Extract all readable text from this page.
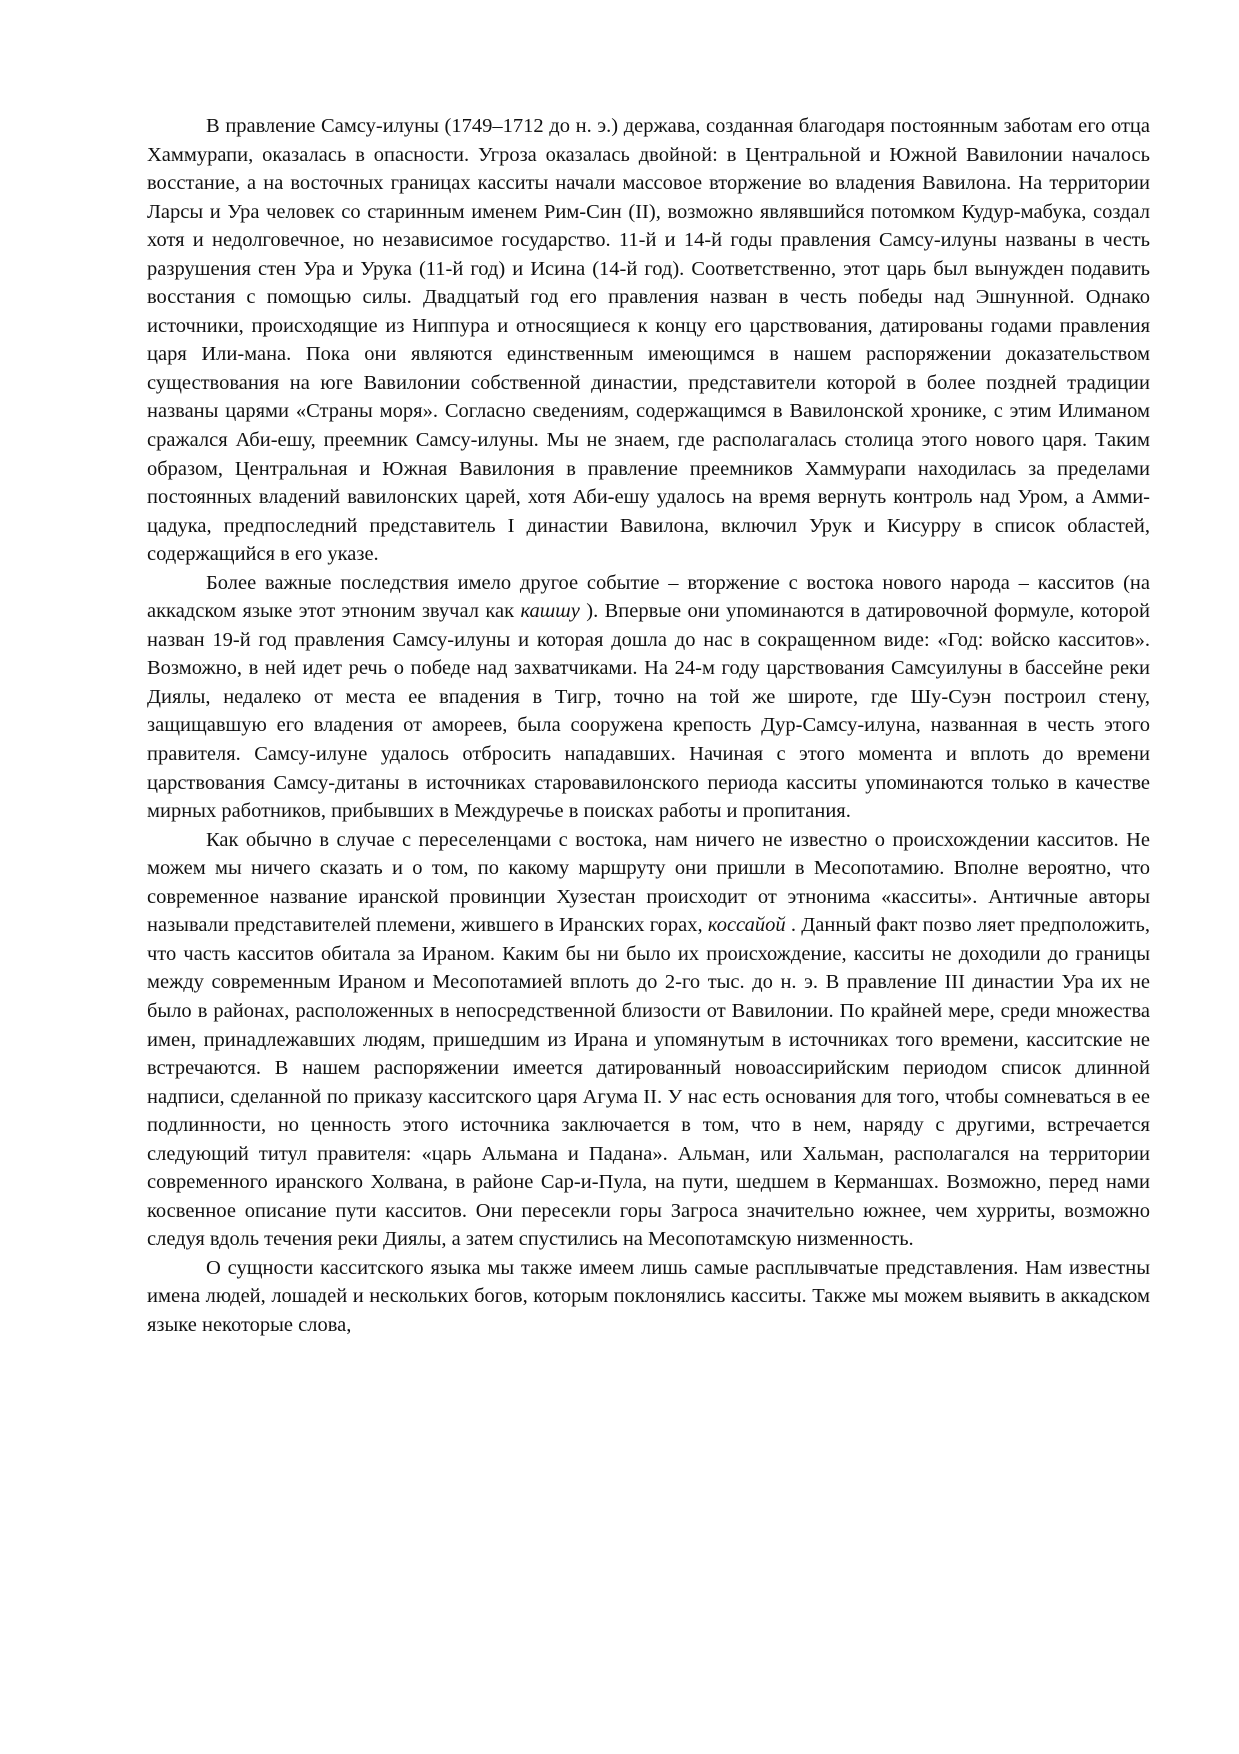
В правление Самсу-илуны (1749–1712 до н. э.) держава, созданная благодаря постоянным заботам его отца Хаммурапи, оказалась в опасности. Угроза оказалась двойной: в Центральной и Южной Вавилонии началось восстание, а на восточных границах касситы начали массовое вторжение во владения Вавилона. На территории Ларсы и Ура человек со старинным именем Рим-Син (II), возможно являвшийся потомком Кудур-мабука, создал хотя и недолговечное, но независимое государство. 11-й и 14-й годы правления Самсу-илуны названы в честь разрушения стен Ура и Урука (11-й год) и Исина (14-й год). Соответственно, этот царь был вынужден подавить восстания с помощью силы. Двадцатый год его правления назван в честь победы над Эшнунной. Однако источники, происходящие из Ниппура и относящиеся к концу его царствования, датированы годами правления царя Или-мана. Пока они являются единственным имеющимся в нашем распоряжении доказательством существования на юге Вавилонии собственной династии, представители которой в более поздней традиции названы царями «Страны моря». Согласно сведениям, содержащимся в Вавилонской хронике, с этим Илиманом сражался Аби-ешу, преемник Самсу-илуны. Мы не знаем, где располагалась столица этого нового царя. Таким образом, Центральная и Южная Вавилония в правление преемников Хаммурапи находилась за пределами постоянных владений вавилонских царей, хотя Аби-ешу удалось на время вернуть контроль над Уром, а Амми-цадука, предпоследний представитель I династии Вавилона, включил Урук и Кисурру в список областей, содержащийся в его указе.

Более важные последствия имело другое событие – вторжение с востока нового народа – касситов (на аккадском языке этот этноним звучал как кашшу ). Впервые они упоминаются в датировочной формуле, которой назван 19-й год правления Самсу-илуны и которая дошла до нас в сокращенном виде: «Год: войско касситов». Возможно, в ней идет речь о победе над захватчиками. На 24-м году царствования Самсуилуны в бассейне реки Диялы, недалеко от места ее впадения в Тигр, точно на той же широте, где Шу-Суэн построил стену, защищавшую его владения от амореев, была сооружена крепость Дур-Самсу-илуна, названная в честь этого правителя. Самсу-илуне удалось отбросить нападавших. Начиная с этого момента и вплоть до времени царствования Самсу-дитаны в источниках старовавилонского периода касситы упоминаются только в качестве мирных работников, прибывших в Междуречье в поисках работы и пропитания.

Как обычно в случае с переселенцами с востока, нам ничего не известно о происхождении касситов. Не можем мы ничего сказать и о том, по какому маршруту они пришли в Месопотамию. Вполне вероятно, что современное название иранской провинции Хузестан происходит от этнонима «касситы». Античные авторы называли представителей племени, жившего в Иранских горах, коссайой . Данный факт позво ляет предположить, что часть касситов обитала за Ираном. Каким бы ни было их происхождение, касситы не доходили до границы между современным Ираном и Месопотамией вплоть до 2-го тыс. до н. э. В правление III династии Ура их не было в районах, расположенных в непосредственной близости от Вавилонии. По крайней мере, среди множества имен, принадлежавших людям, пришедшим из Ирана и упомянутым в источниках того времени, касситские не встречаются. В нашем распоряжении имеется датированный новоассирийским периодом список длинной надписи, сделанной по приказу касситского царя Агума II. У нас есть основания для того, чтобы сомневаться в ее подлинности, но ценность этого источника заключается в том, что в нем, наряду с другими, встречается следующий титул правителя: «царь Альмана и Падана». Альман, или Хальман, располагался на территории современного иранского Холвана, в районе Сар-и-Пула, на пути, шедшем в Керманшах. Возможно, перед нами косвенное описание пути касситов. Они пересекли горы Загроса значительно южнее, чем хурриты, возможно следуя вдоль течения реки Диялы, а затем спустились на Месопотамскую низменность.

О сущности касситского языка мы также имеем лишь самые расплывчатые представления. Нам известны имена людей, лошадей и нескольких богов, которым поклонялись касситы. Также мы можем выявить в аккадском языке некоторые слова,
